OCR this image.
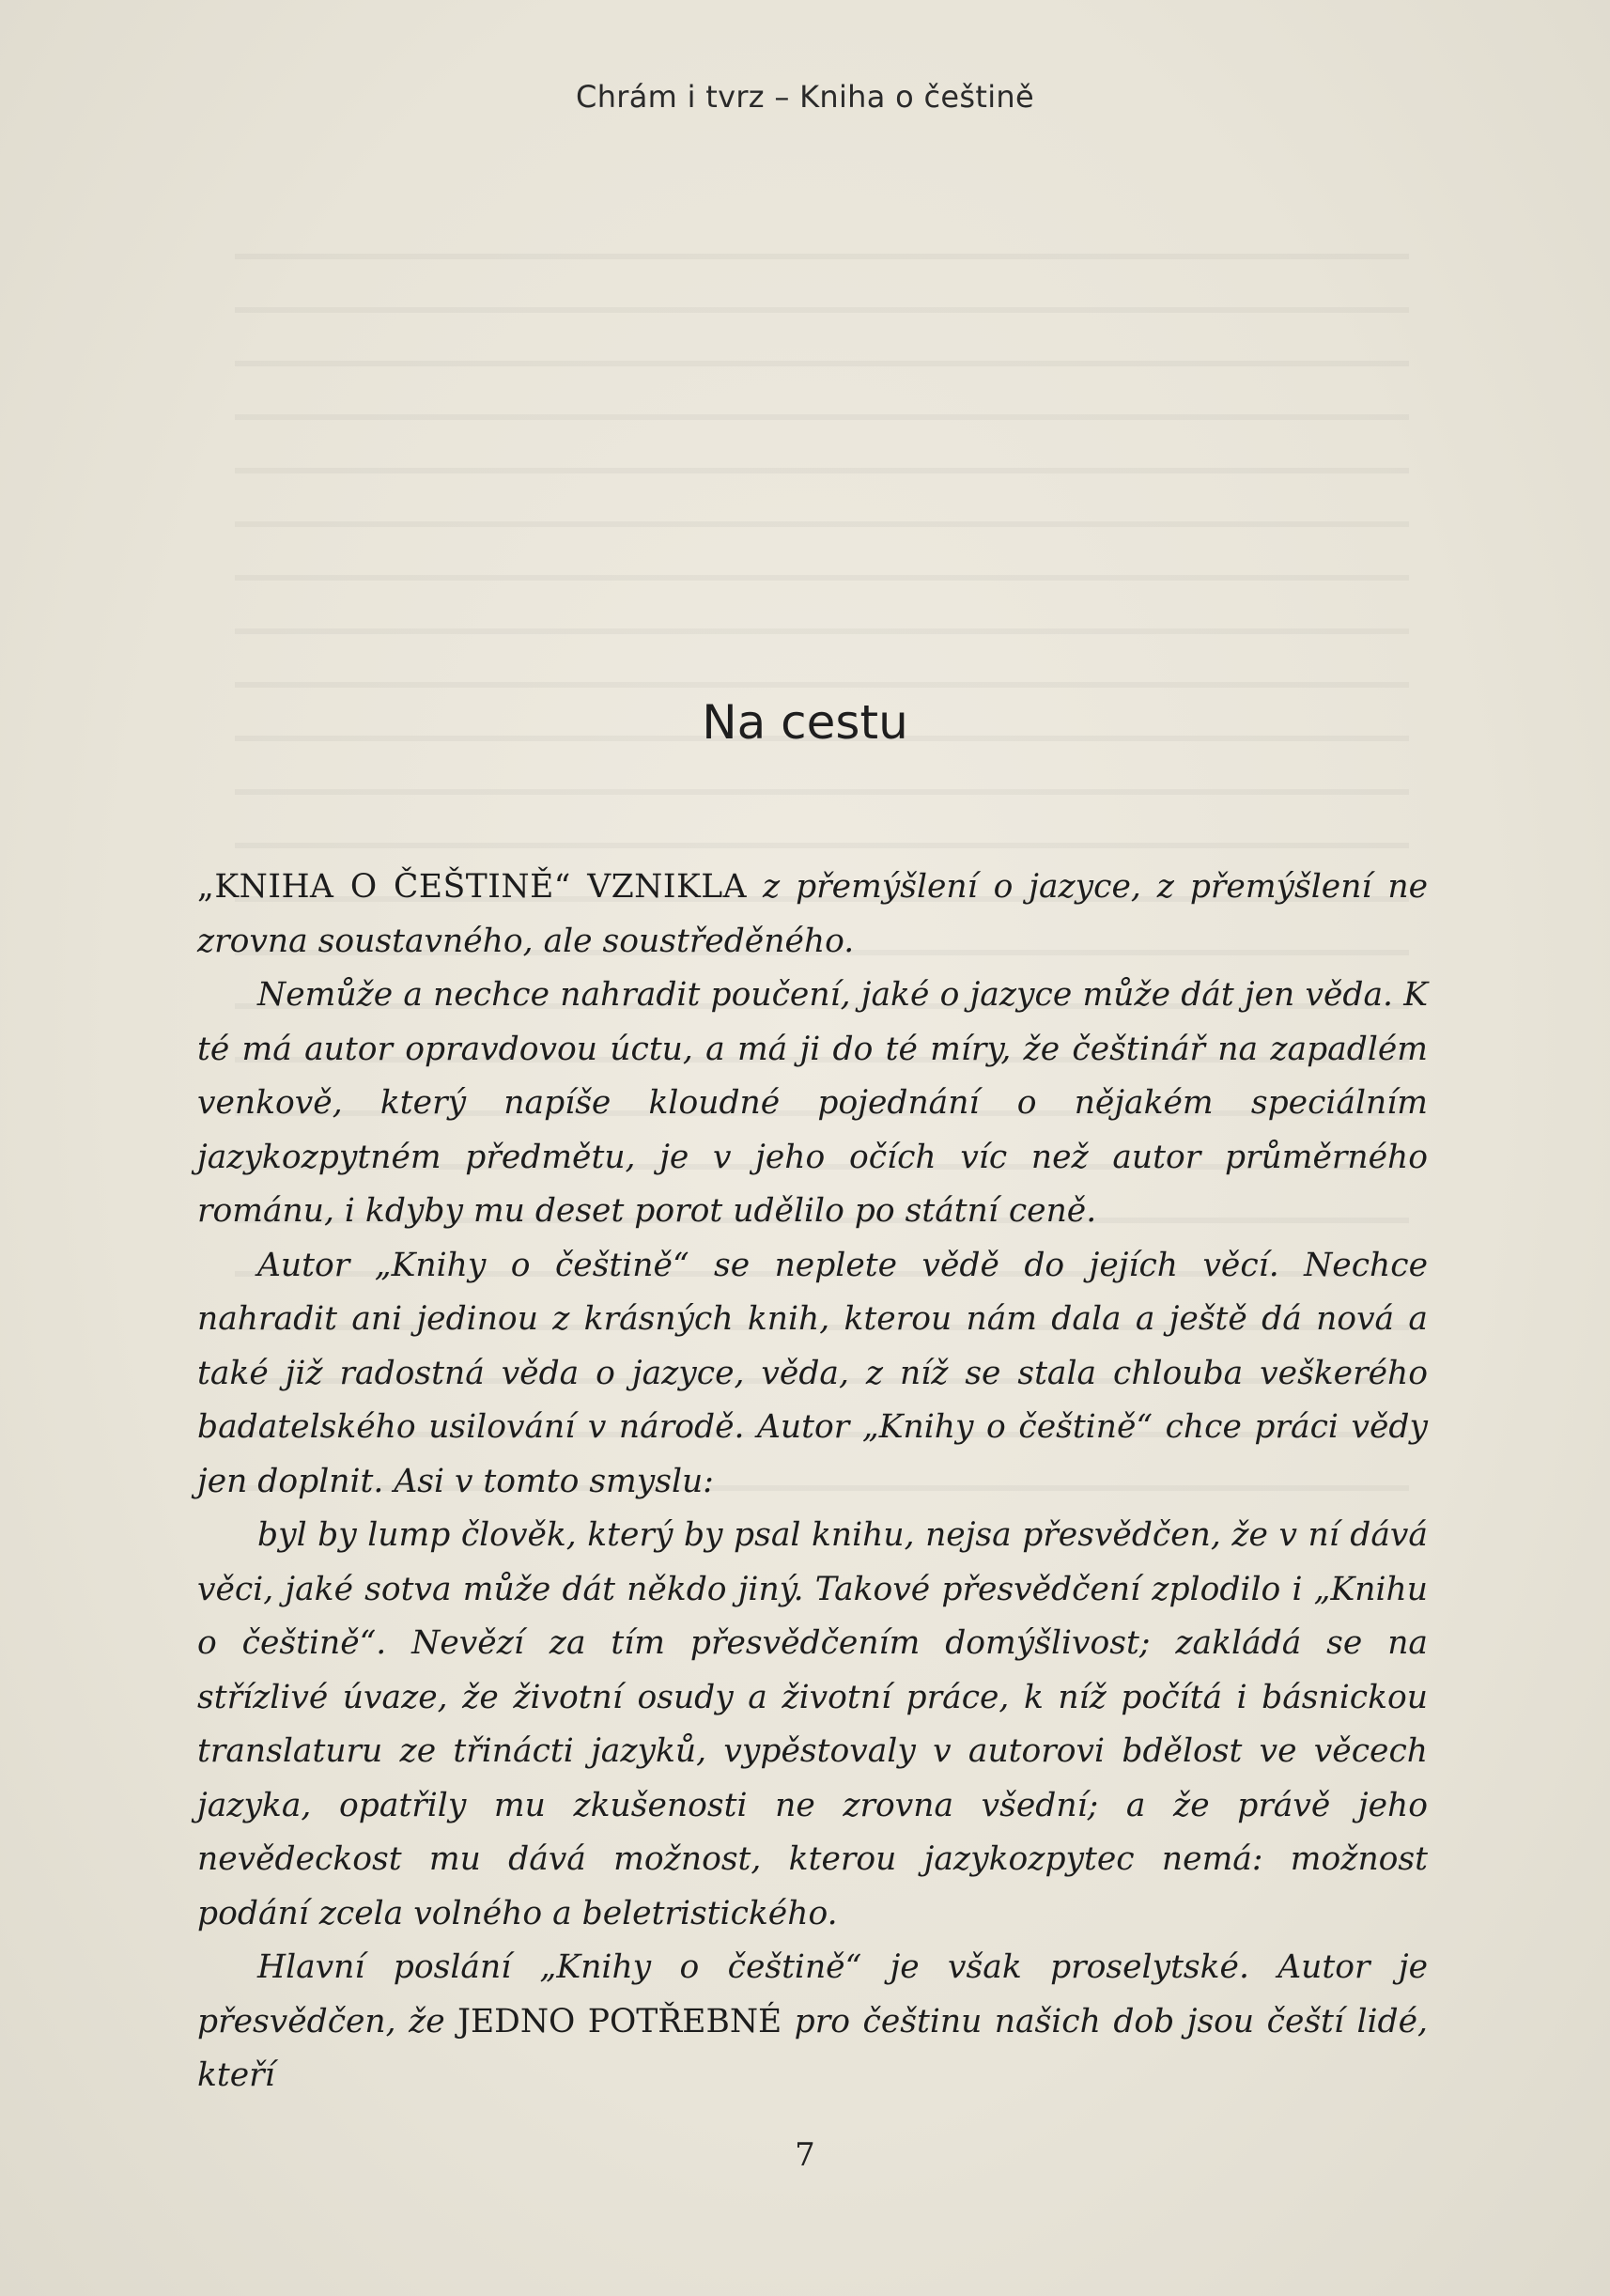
Chrám i tvrz – Kniha o češtině
Na cestu

„KNIHA O ČEŠTINĚ“ VZNIKLA z přemýšlení o jazyce, z přemýšlení ne zrovna soustavného, ale soustředěného.

Nemůže a nechce nahradit poučení, jaké o jazyce může dát jen věda. K té má autor opravdovou úctu, a má ji do té míry, že češtinář na zapadlém venkově, který napíše kloudné pojednání o nějakém speciálním jazykozpytném předmětu, je v jeho očích víc než autor průměrného románu, i kdyby mu deset porot udělilo po státní ceně.

Autor „Knihy o češtině“ se neplete vědě do jejích věcí. Nechce nahradit ani jedinou z krásných knih, kterou nám dala a ještě dá nová a také již radostná věda o jazyce, věda, z níž se stala chlouba veškerého badatelského usilování v národě. Autor „Knihy o češtině“ chce práci vědy jen doplnit. Asi v tomto smyslu:

byl by lump člověk, který by psal knihu, nejsa přesvědčen, že v ní dává věci, jaké sotva může dát někdo jiný. Takové přesvědčení zplodilo i „Knihu o češtině“. Nevězí za tím přesvědčením domýšlivost; zakládá se na střízlivé úvaze, že životní osudy a životní práce, k níž počítá i básnickou translaturu ze třinácti jazyků, vypěstovaly v autorovi bdělost ve věcech jazyka, opatřily mu zkušenosti ne zrovna všední; a že právě jeho nevědeckost mu dává možnost, kterou jazykozpytec nemá: možnost podání zcela volného a beletristického.

Hlavní poslání „Knihy o češtině“ je však proselytské. Autor je přesvědčen, že JEDNO POTŘEBNÉ pro češtinu našich dob jsou čeští lidé, kteří

7
